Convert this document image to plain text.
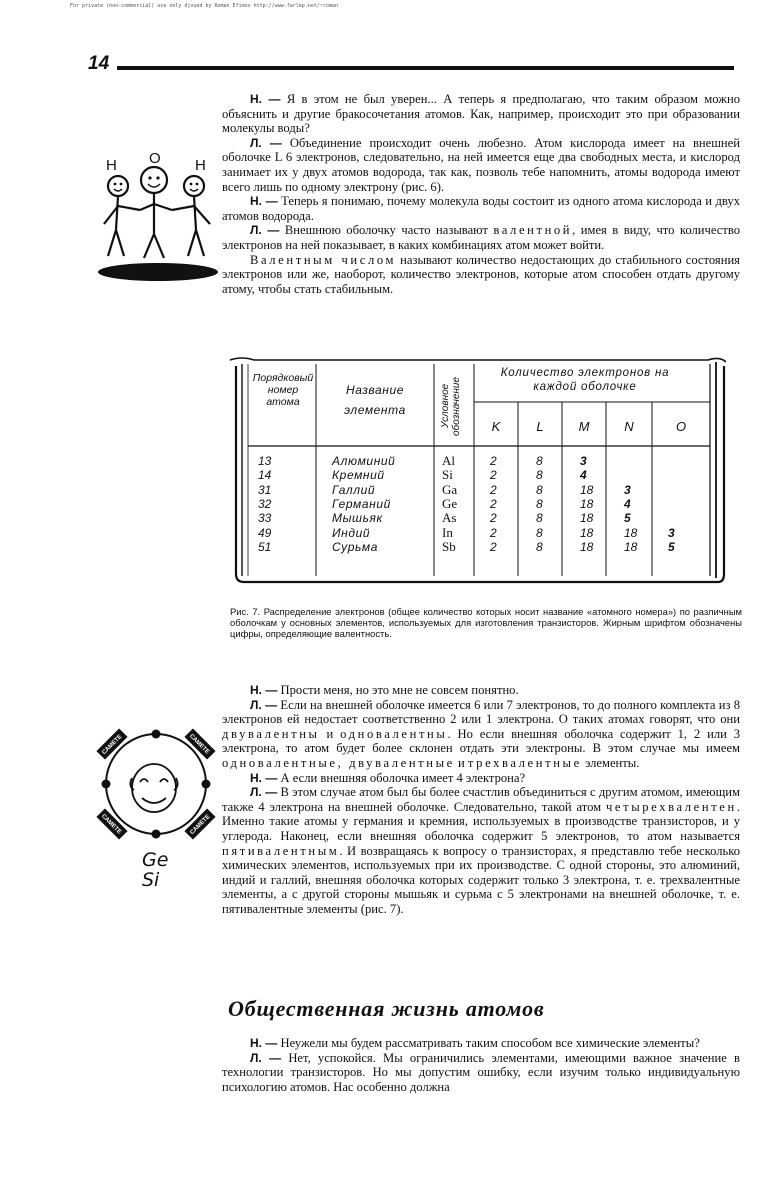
For private (non-commercial) use only djvued by Roman Efimov http://www.farlep.net/~roman
14
H O H

Н. — Я в этом не был уверен... А теперь я предполагаю, что таким образом можно объяснить и другие бракосочетания атомов. Как, например, происходит это при образовании молекулы воды?

Л. — Объединение происходит очень любезно. Атом кислорода имеет на внешней оболочке L 6 электронов, следовательно, на ней имеется еще два свободных места, и кислород занимает их у двух атомов водорода, так как, позволь тебе напомнить, атомы водорода имеют всего лишь по одному электрону (рис. 6).

Н. — Теперь я понимаю, почему молекула воды состоит из одного атома кислорода и двух атомов водорода.

Л. — Внешнюю оболочку часто называют валентной, имея в виду, что количество электронов на ней показывает, в каких комбинациях атом может войти.

Валентным числом называют количество недостающих до стабильного состояния электронов или же, наоборот, количество электронов, которые атом способен отдать другому атому, чтобы стать стабильным.

Порядковый номер атома
Название элемента	Условное обозначение
Количество электронов на каждой оболочке
K	L	M	N	O
13	Алюминий	Al	2	8	3
14	Кремний	Si	2	8	4
31	Галлий	Ga	2	8	18	3
32	Германий	Ge	2	8	18	4
33	Мышьяк	As	2	8	18	5
49	Индий	In	2	8	18	18	3
51	Сурьма	Sb	2	8	18	18	5

Рис. 7. Распределение электронов (общее количество которых носит название «атомного номера») по различным оболочкам у основных элементов, используемых для изготовления транзисторов. Жирным шрифтом обозначены цифры, определяющие валентность.

САМЕТЕ	САМЕТЕ
САМЕТЕ	САМЕТЕ
Ge
Si

Н. — Прости меня, но это мне не совсем понятно.

Л. — Если на внешней оболочке имеется 6 или 7 электронов, то до полного комплекта из 8 электронов ей недостает соответственно 2 или 1 электрона. О таких атомах говорят, что они двувалентны и одновалентны. Но если внешняя оболочка содержит 1, 2 или 3 электрона, то атом будет более склонен отдать эти электроны. В этом случае мы имеем одновалентные, двувалентные и трехвалентные элементы.

Н. — А если внешняя оболочка имеет 4 электрона?

Л. — В этом случае атом был бы более счастлив объединиться с другим атомом, имеющим также 4 электрона на внешней оболочке. Следовательно, такой атом четырехвалентен. Именно такие атомы у германия и кремния, используемых в производстве транзисторов, и у углерода. Наконец, если внешняя оболочка содержит 5 электронов, то атом называется пятивалентным. И возвращаясь к вопросу о транзисторах, я представлю тебе несколько химических элементов, используемых при их производстве. С одной стороны, это алюминий, индий и галлий, внешняя оболочка которых содержит только 3 электрона, т. е. трехвалентные элементы, а с другой стороны мышьяк и сурьма с 5 электронами на внешней оболочке, т. е. пятивалентные элементы (рис. 7).

Общественная жизнь атомов

Н. — Неужели мы будем рассматривать таким способом все химические элементы?

Л. — Нет, успокойся. Мы ограничились элементами, имеющими важное значение в технологии транзисторов. Но мы допустим ошибку, если изучим только индивидуальную психологию атомов. Нас особенно должна
